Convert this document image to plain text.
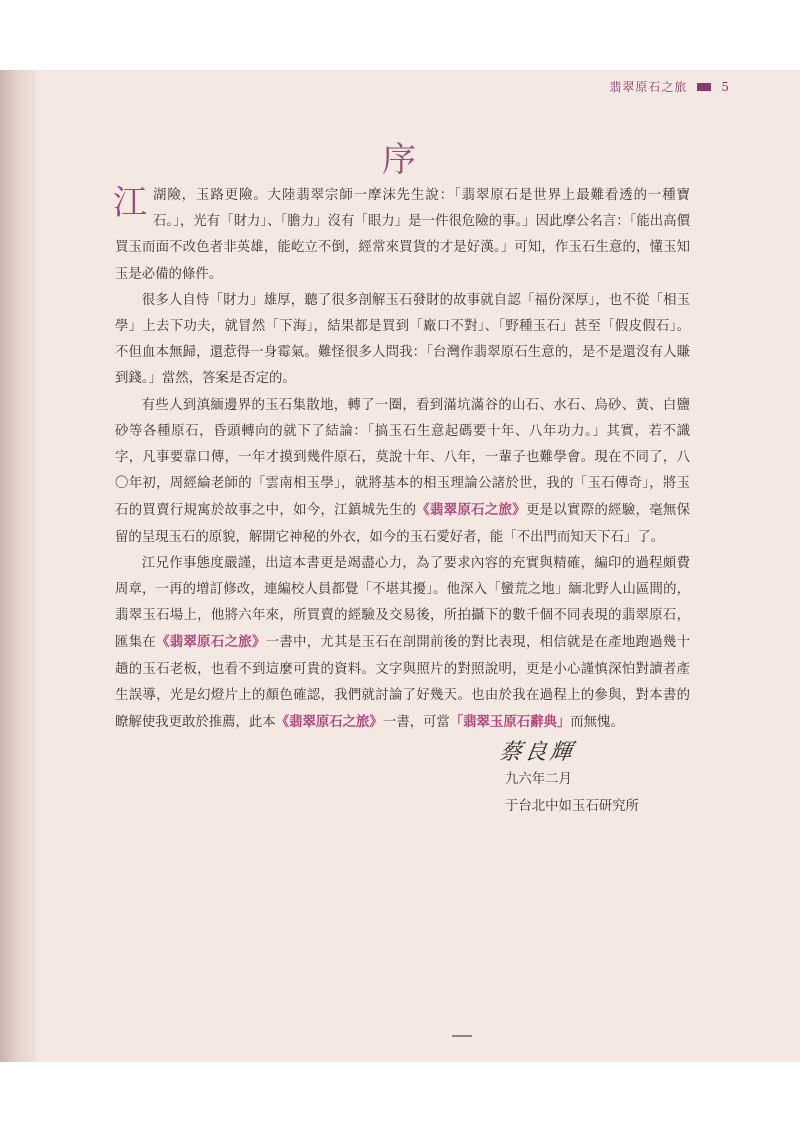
翡翠原石之旅	5
序

江 湖險，玉路更險。大陸翡翠宗師一摩沫先生說：「翡翠原石是世界上最難看透的一種寶石。」，光有「財力」、「膽力」沒有「眼力」是一件很危險的事。」因此摩公名言：「能出高價買玉而面不改色者非英雄，能屹立不倒，經常來買貨的才是好漢。」可知，作玉石生意的，懂玉知玉是必備的條件。

很多人自恃「財力」雄厚，聽了很多剖解玉石發財的故事就自認「福份深厚」，也不從「相玉學」上去下功夫，就冒然「下海」，結果都是買到「廠口不對」、「野種玉石」甚至「假皮假石」。不但血本無歸，還惹得一身霉氣。難怪很多人問我：「台灣作翡翠原石生意的，是不是還沒有人賺到錢。」當然，答案是否定的。

有些人到滇緬邊界的玉石集散地，轉了一圈，看到滿坑滿谷的山石、水石、烏砂、黃、白鹽砂等各種原石，昏頭轉向的就下了結論：「搞玉石生意起碼要十年、八年功力。」其實，若不識字，凡事要靠口傳，一年才摸到幾件原石，莫說十年、八年，一輩子也難學會。現在不同了，八〇年初，周經綸老師的「雲南相玉學」，就將基本的相玉理論公諸於世，我的「玉石傳奇」，將玉石的買賣行規寓於故事之中，如今，江鎮城先生的《翡翠原石之旅》更是以實際的經驗，毫無保留的呈現玉石的原貌，解開它神秘的外衣，如今的玉石愛好者，能「不出門而知天下石」了。

江兄作事態度嚴謹，出這本書更是竭盡心力，為了要求內容的充實與精確，編印的過程頗費周章，一再的增訂修改，連編校人員都覺「不堪其擾」。他深入「蠻荒之地」緬北野人山區間的，翡翠玉石場上，他將六年來，所買賣的經驗及交易後，所拍攝下的數千個不同表現的翡翠原石，匯集在《翡翠原石之旅》一書中，尤其是玉石在剖開前後的對比表現，相信就是在產地跑過幾十趟的玉石老板，也看不到這麼可貴的資料。文字與照片的對照說明，更是小心謹慎深怕對讀者產生誤導，光是幻燈片上的顏色確認，我們就討論了好幾天。也由於我在過程上的參與，對本書的瞭解使我更敢於推薦，此本《翡翠原石之旅》一書，可當「翡翠玉原石辭典」而無愧。

蔡良輝
九六年二月
于台北中如玉石研究所
